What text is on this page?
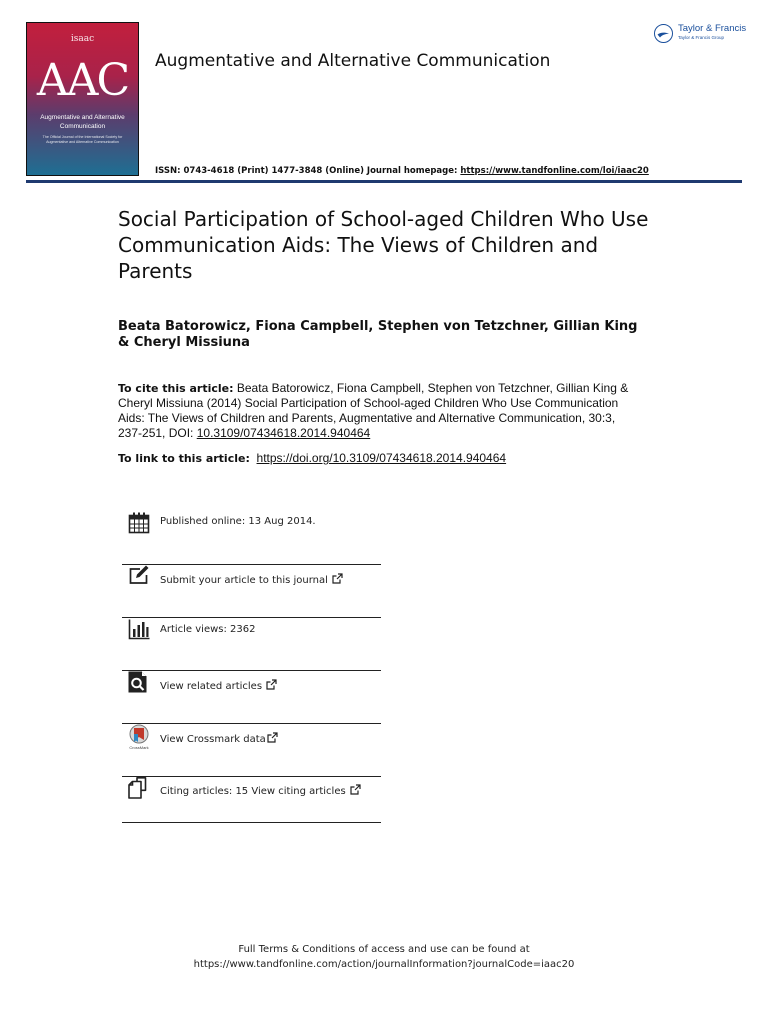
isaac
AAC
Augmentative and Alternative Communication
The Official Journal of the International Society for Augmentative and Alternative Communication
Augmentative and Alternative Communication
Taylor & Francis
Taylor & Francis Group
ISSN: 0743-4618 (Print) 1477-3848 (Online) Journal homepage: https://www.tandfonline.com/loi/iaac20
Social Participation of School-aged Children Who Use Communication Aids: The Views of Children and Parents
Beata Batorowicz, Fiona Campbell, Stephen von Tetzchner, Gillian King & Cheryl Missiuna
To cite this article: Beata Batorowicz, Fiona Campbell, Stephen von Tetzchner, Gillian King & Cheryl Missiuna (2014) Social Participation of School-aged Children Who Use Communication Aids: The Views of Children and Parents, Augmentative and Alternative Communication, 30:3, 237-251, DOI: 10.3109/07434618.2014.940464
To link to this article: https://doi.org/10.3109/07434618.2014.940464
Published online: 13 Aug 2014.
Submit your article to this journal
Article views: 2362
View related articles
CrossMark
View Crossmark data
Citing articles: 15 View citing articles
Full Terms & Conditions of access and use can be found at
https://www.tandfonline.com/action/journalInformation?journalCode=iaac20
